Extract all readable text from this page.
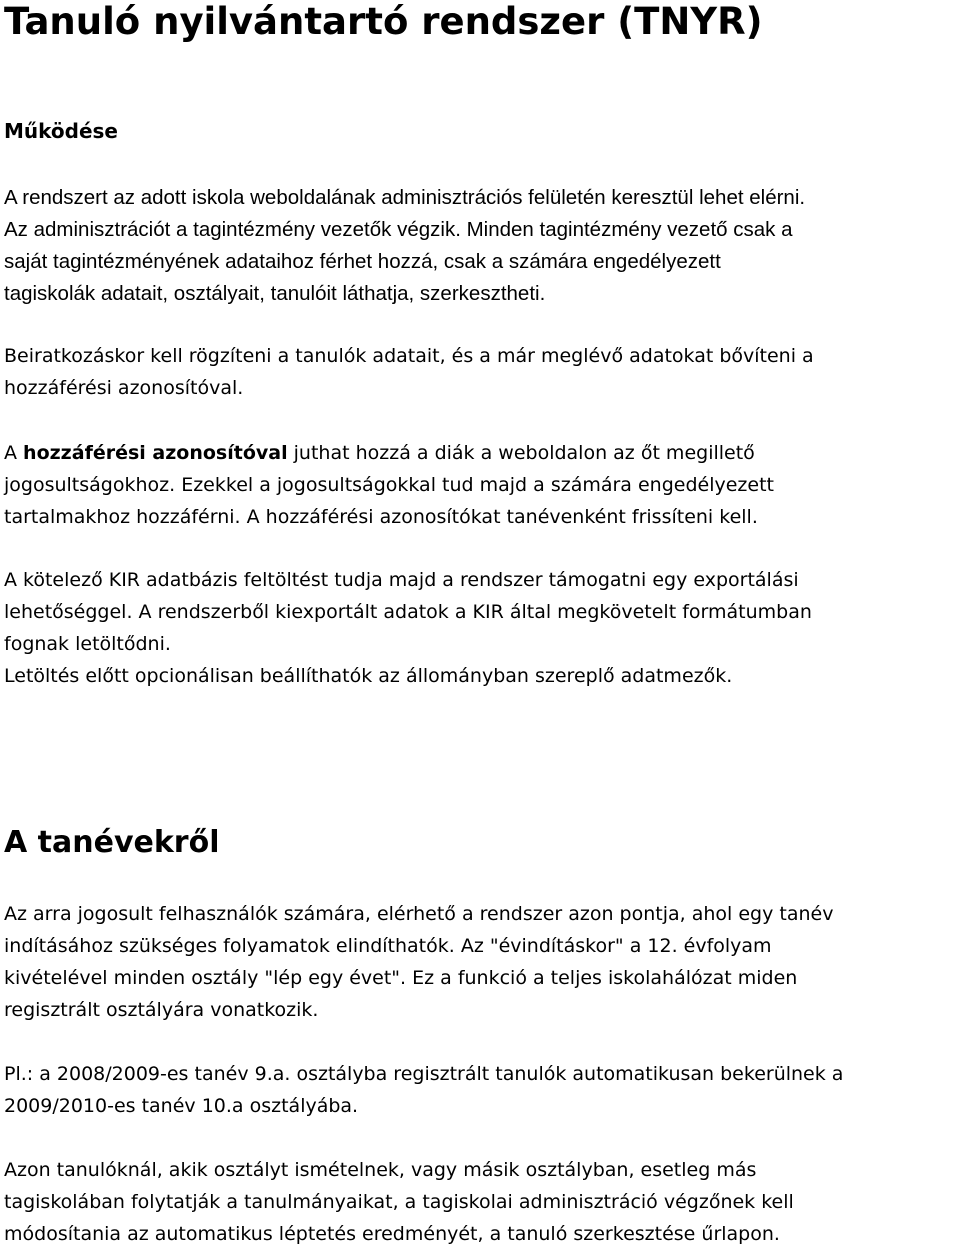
Tanuló nyilvántartó rendszer (TNYR)
Működése
A rendszert az adott iskola weboldalának adminisztrációs felületén keresztül lehet elérni.
Az adminisztrációt a tagintézmény vezetők végzik. Minden tagintézmény vezető csak a
saját tagintézményének adataihoz férhet hozzá, csak a számára engedélyezett
tagiskolák adatait, osztályait, tanulóit láthatja, szerkesztheti.
Beiratkozáskor kell rögzíteni a tanulók adatait, és a már meglévő adatokat bővíteni a
hozzáférési azonosítóval.
A hozzáférési azonosítóval juthat hozzá a diák a weboldalon az őt megillető
jogosultságokhoz. Ezekkel a jogosultságokkal tud majd a számára engedélyezett
tartalmakhoz hozzáférni. A hozzáférési azonosítókat tanévenként frissíteni kell.
A kötelező KIR adatbázis feltöltést tudja majd a rendszer támogatni egy exportálási
lehetőséggel. A rendszerből kiexportált adatok a KIR által megkövetelt formátumban
fognak letöltődni.
Letöltés előtt opcionálisan beállíthatók az állományban szereplő adatmezők.
A tanévekről
Az arra jogosult felhasználók számára, elérhető a rendszer azon pontja, ahol egy tanév
indításához szükséges folyamatok elindíthatók. Az "évindításkor" a 12. évfolyam
kivételével minden osztály "lép egy évet". Ez a funkció a teljes iskolahálózat miden
regisztrált osztályára vonatkozik.
Pl.: a 2008/2009-es tanév 9.a. osztályba regisztrált tanulók automatikusan bekerülnek a
2009/2010-es tanév 10.a osztályába.
Azon tanulóknál, akik osztályt ismételnek, vagy másik osztályban, esetleg más
tagiskolában folytatják a tanulmányaikat, a tagiskolai adminisztráció végzőnek kell
módosítania az automatikus léptetés eredményét, a tanuló szerkesztése űrlapon.
